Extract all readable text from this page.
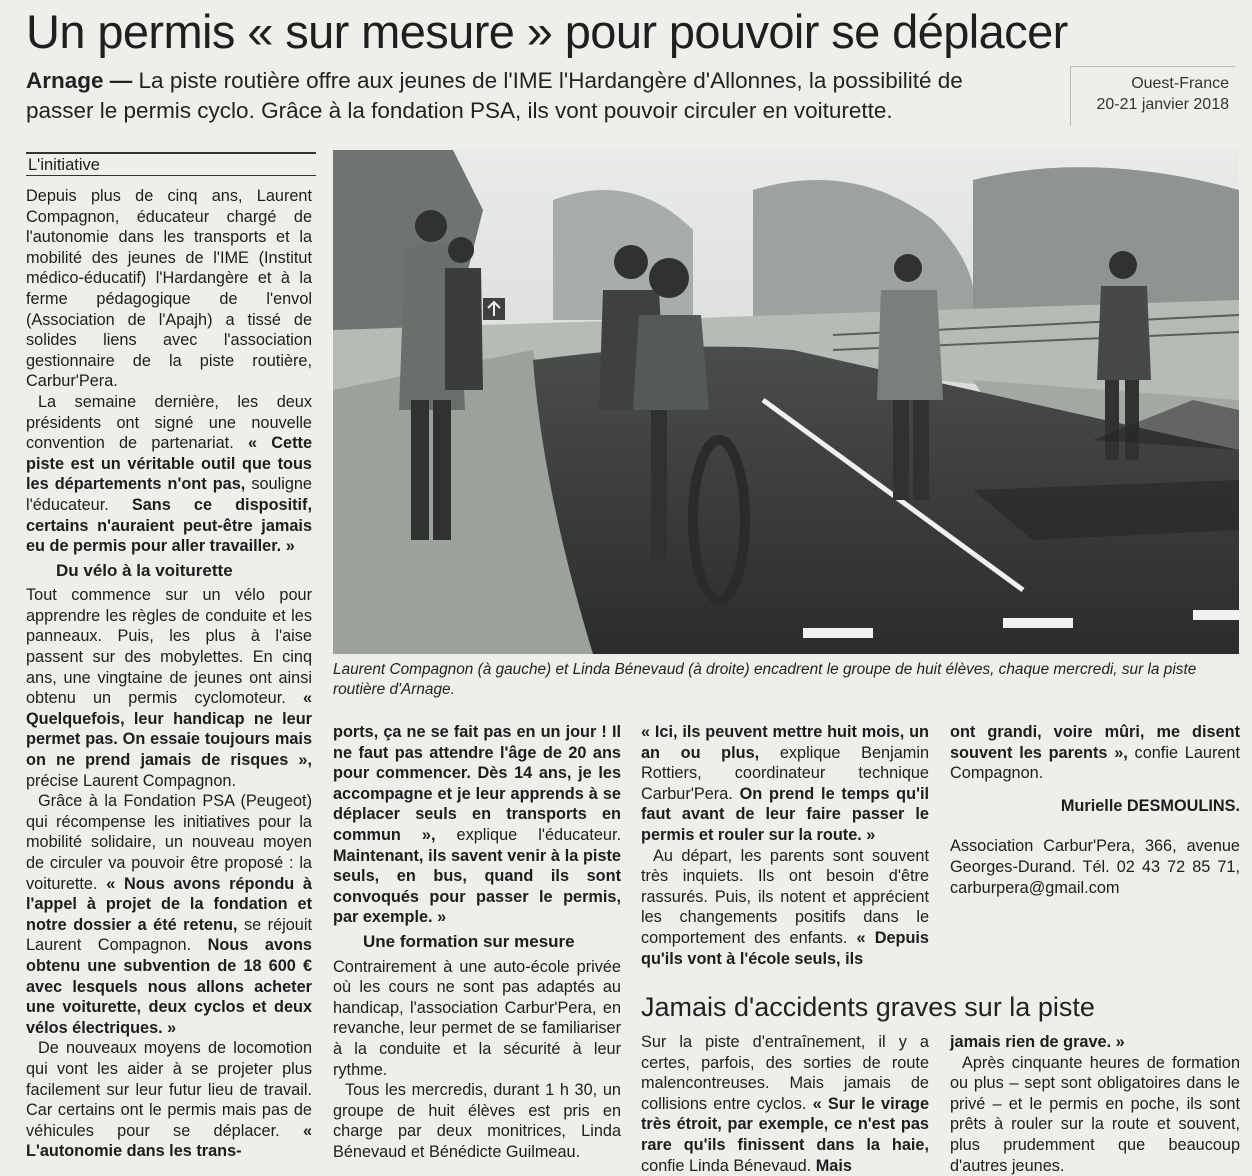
Un permis « sur mesure » pour pouvoir se déplacer
Arnage — La piste routière offre aux jeunes de l'IME l'Hardangère d'Allonnes, la possibilité de passer le permis cyclo. Grâce à la fondation PSA, ils vont pouvoir circuler en voiturette.
Ouest-France
20-21 janvier 2018
L'initiative

Depuis plus de cinq ans, Laurent Compagnon, éducateur chargé de l'autonomie dans les transports et la mobilité des jeunes de l'IME (Institut médico-éducatif) l'Hardangère et à la ferme pédagogique de l'envol (Association de l'Apajh) a tissé de solides liens avec l'association gestionnaire de la piste routière, Carbur'Pera.

La semaine dernière, les deux présidents ont signé une nouvelle convention de partenariat. « Cette piste est un véritable outil que tous les départements n'ont pas, souligne l'éducateur. Sans ce dispositif, certains n'auraient peut-être jamais eu de permis pour aller travailler. »

Du vélo à la voiturette

Tout commence sur un vélo pour apprendre les règles de conduite et les panneaux. Puis, les plus à l'aise passent sur des mobylettes. En cinq ans, une vingtaine de jeunes ont ainsi obtenu un permis cyclomoteur. « Quelquefois, leur handicap ne leur permet pas. On essaie toujours mais on ne prend jamais de risques », précise Laurent Compagnon.

Grâce à la Fondation PSA (Peugeot) qui récompense les initiatives pour la mobilité solidaire, un nouveau moyen de circuler va pouvoir être proposé : la voiturette. « Nous avons répondu à l'appel à projet de la fondation et notre dossier a été retenu, se réjouit Laurent Compagnon. Nous avons obtenu une subvention de 18 600 € avec lesquels nous allons acheter une voiturette, deux cyclos et deux vélos électriques. »

De nouveaux moyens de locomotion qui vont les aider à se projeter plus facilement sur leur futur lieu de travail. Car certains ont le permis mais pas de véhicules pour se déplacer. « L'autonomie dans les trans-

Laurent Compagnon (à gauche) et Linda Bénevaud (à droite) encadrent le groupe de huit élèves, chaque mercredi, sur la piste routière d'Arnage.

ports, ça ne se fait pas en un jour ! Il ne faut pas attendre l'âge de 20 ans pour commencer. Dès 14 ans, je les accompagne et je leur apprends à se déplacer seuls en transports en commun », explique l'éducateur. Maintenant, ils savent venir à la piste seuls, en bus, quand ils sont convoqués pour passer le permis, par exemple. »

Une formation sur mesure

Contrairement à une auto-école privée où les cours ne sont pas adaptés au handicap, l'association Carbur'Pera, en revanche, leur permet de se familiariser à la conduite et la sécurité à leur rythme.

Tous les mercredis, durant 1 h 30, un groupe de huit élèves est pris en charge par deux monitrices, Linda Bénevaud et Bénédicte Guilmeau.

« Ici, ils peuvent mettre huit mois, un an ou plus, explique Benjamin Rottiers, coordinateur technique Carbur'Pera. On prend le temps qu'il faut avant de leur faire passer le permis et rouler sur la route. »

Au départ, les parents sont souvent très inquiets. Ils ont besoin d'être rassurés. Puis, ils notent et apprécient les changements positifs dans le comportement des enfants. « Depuis qu'ils vont à l'école seuls, ils

ont grandi, voire mûri, me disent souvent les parents », confie Laurent Compagnon.

Murielle DESMOULINS.

Association Carbur'Pera, 366, avenue Georges-Durand. Tél. 02 43 72 85 71, carburpera@gmail.com

Jamais d'accidents graves sur la piste

Sur la piste d'entraînement, il y a certes, parfois, des sorties de route malencontreuses. Mais jamais de collisions entre cyclos. « Sur le virage très étroit, par exemple, ce n'est pas rare qu'ils finissent dans la haie, confie Linda Bénevaud. Mais

jamais rien de grave. »

Après cinquante heures de formation ou plus – sept sont obligatoires dans le privé – et le permis en poche, ils sont prêts à rouler sur la route et souvent, plus prudemment que beaucoup d'autres jeunes.
